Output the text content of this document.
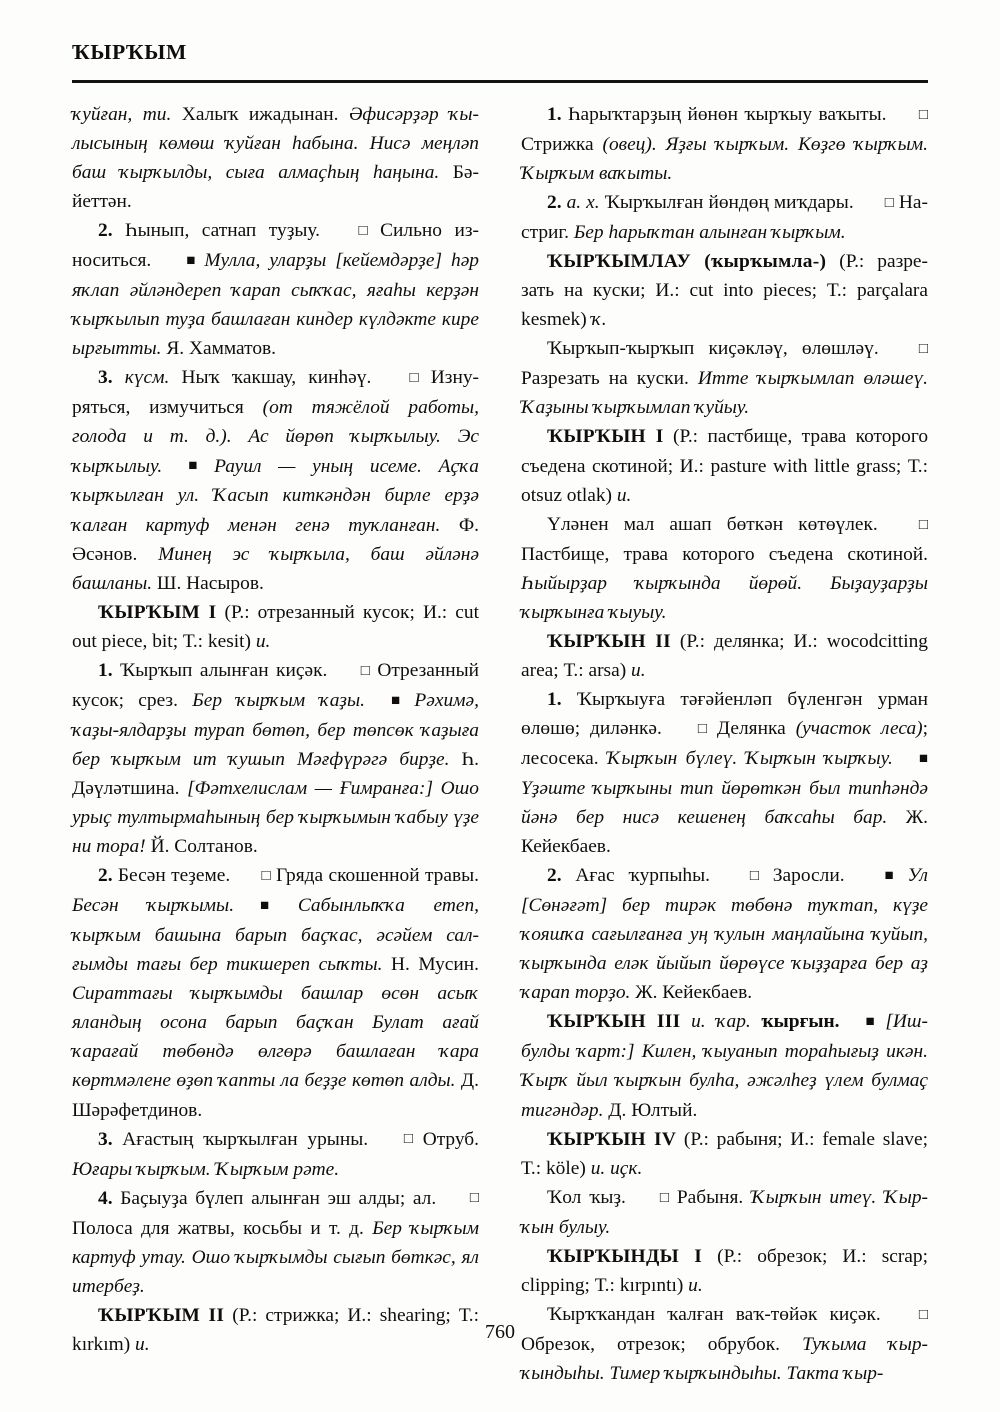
ҠЫРҠЫМ

ҡуйған, ти. Халыҡ ижадынан. Әфисәрҙәр ҡылысының көмөш ҡуйған һабына. Нисә меңләп баш ҡырҡылды, сыға алмаҫһың һаңына. Бәйеттән.

2. Һынып, сатнап туҙыу. □ Сильно износиться. ■ Мулла, уларҙы [кейемдәрҙе] һәр яҡлап әйләндереп ҡарап сыҡҡас, яғаһы керҙән ҡырҡылып туҙа башлаған киндер күлдәкте кире ырғытты. Я. Хамматов.

3. күсм. Ныҡ ҡакшау, кинһәү. □ Изнуряться, измучиться (от тяжёлой работы, голода и т. д.). Ас йөрөп ҡырҡылыу. Эс ҡырҡылыу.■ Рауил — уның исеме. Аҫҡа ҡырҡылған ул. Ҡасып киткәндән бирле ерҙә ҡалған картуф менән генә туҡланған. Ф. Әсәнов. Минең эс ҡырҡыла, баш әйләнә башланы. Ш. Насыров.

ҠЫРҠЫМ I (Р.: отрезанный кусок; И.: cut out piece, bit; Т.: kesit) и.

1. Ҡырҡып алынған киҫәк. □ Отрезанный кусок; срез. Бер ҡырҡым ҡаҙы.■ Рәхимә, ҡаҙы-ялдарҙы турап бөтөп, бер төпсөк ҡаҙыға бер ҡырҡым ит ҡушып Мәғфүрәгә бирҙе. Һ. Дәүләтшина. [Фәтхелислам — Ғимранға:] Ошо урыҫ тултырмаһының бер ҡырҡымын ҡабыу үҙе ни тора! Й. Солтанов.

2. Бесән теҙеме. □ Гряда скошенной травы. Бесән ҡырҡымы.■ Сабынлыҡҡа етеп, ҡырҡым башына барып баҫҡас, әсәйем салғымды тағы бер тикшереп сыҡты. Н. Мусин. Сираттағы ҡырҡымды башлар өсөн асыҡ яландың осона барып баҫҡан Булат ағай ҡарағай төбөндә өлгөрә башлаған ҡара көртмәлене өҙөп ҡапты ла беҙҙе көтөп алды. Д. Шәрәфетдинов.

3. Ағастың ҡырҡылған урыны. □ Отруб. Юғары ҡырҡым. Ҡырҡым рәте.

4. Баҫыуҙа бүлеп алынған эш алды; ал. □ Полоса для жатвы, косьбы и т. д. Бер ҡырҡым картуф утау. Ошо ҡырҡымды сығып бөткәс, ял итербеҙ.

ҠЫРҠЫМ II (Р.: стрижка; И.: shearing; Т.: kırkım) и.

1. Һарыҡтарҙың йөнөн ҡырҡыу ваҡыты. □ Стрижка (овец). Яҙғы ҡырҡым. Көҙгө ҡырҡым. Ҡырҡым ваҡыты.

2. а. х. Ҡырҡылған йөндөң миҡдары. □ Настриг. Бер һарыҡтан алынған ҡырҡым.

ҠЫРҠЫМЛАУ (ҡырҡымла-) (Р.: разрезать на куски; И.: cut into pieces; Т.: parçalara kesmek) ҡ.

Ҡырҡып-ҡырҡып киҫәкләү, өлөшләү. □ Разрезать на куски. Итте ҡырҡымлап өләшеү. Ҡаҙыны ҡырҡымлап ҡуйыу.

ҠЫРҠЫН I (Р.: пастбище, трава которого съедена скотиной; И.: pasture with little grass; Т.: otsuz otlak) и.

Үләнен мал ашап бөткән көтөүлек. □ Пастбище, трава которого съедена скотиной. Һыйырҙар ҡырҡында йөрөй. Быҙауҙарҙы ҡырҡынға ҡыуыу.

ҠЫРҠЫН II (Р.: делянка; И.: wocodcitting area; Т.: arsa) и.

1. Ҡырҡыуға тәғәйенләп бүленгән урман өлөшө; диләнкә. □ Делянка (участок леса); лесосека. Ҡырҡын бүлеү. Ҡырҡын ҡырҡыу.■ Үҙәште ҡырҡыны тип йөрөткән был типһәндә йәнә бер нисә кешенең баҡсаһы бар. Ж. Кейекбаев.

2. Ағас ҡурпыһы. □ Заросли. ■ Ул [Сөнәғәт] бер тирәк төбөнә туҡтап, күҙе ҡояшҡа сағылғанға уң ҡулын маңлайына ҡуйып, ҡырҡында еләк йыйып йөрөүсе ҡыҙҙарға бер аҙ ҡарап торҙо. Ж. Кейекбаев.

ҠЫРҠЫН III и. ҡар. ҡырғын.■ [Ишбулды ҡарт:] Килен, ҡыуанып тораһығыҙ икән. Ҡырҡ йыл ҡырҡын булһа, әжәлһеҙ үлем булмаҫ тигәндәр. Д. Юлтый.

ҠЫРҠЫН IV (Р.: рабыня; И.: female slave; Т.: köle) и. иҫк.

Ҡол ҡыҙ. □ Рабыня. Ҡырҡын итеү. Ҡырҡын булыу.

ҠЫРҠЫНДЫ I (Р.: обрезок; И.: scrap; clipping; Т.: kırpıntı) и.

Ҡырҡҡандан ҡалған ваҡ-төйәк киҫәк. □ Обрезок, отрезок; обрубок. Туҡыма ҡырҡындыһы. Тимер ҡырҡындыһы. Такта ҡыр-

760
